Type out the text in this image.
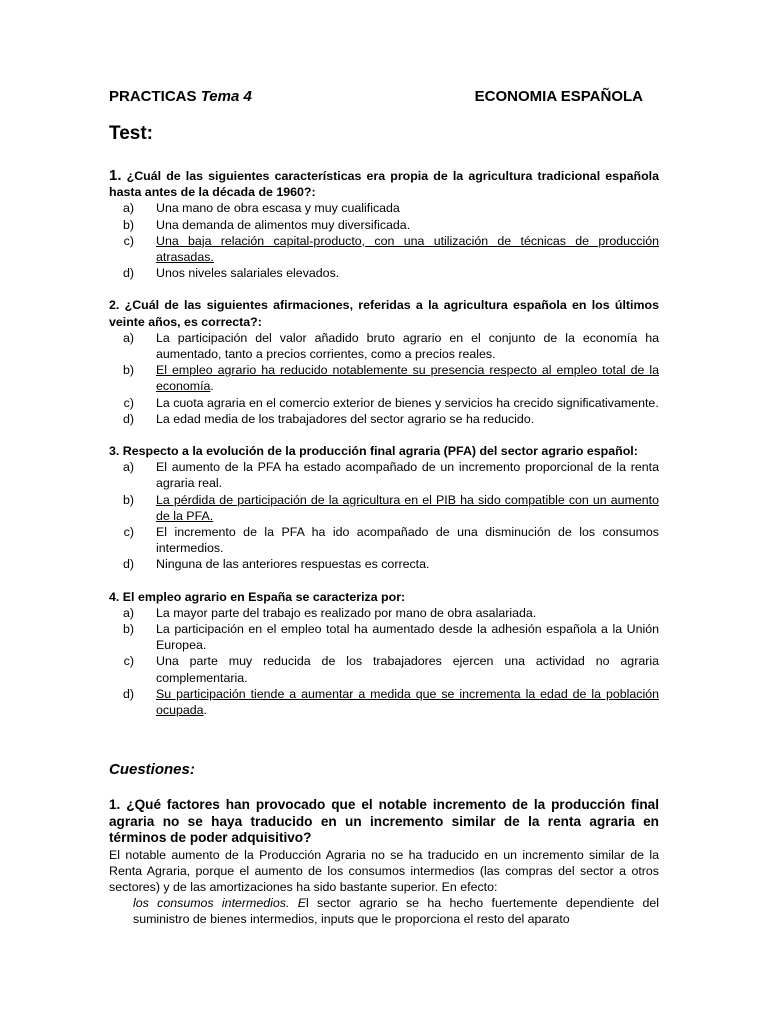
PRACTICAS Tema 4	ECONOMIA ESPAÑOLA
Test:
1. ¿Cuál de las siguientes características era propia de la agricultura tradicional española hasta antes de la década de 1960?:
a)	Una mano de obra escasa y muy cualificada
b)	Una demanda de alimentos muy diversificada.
c)	Una baja relación capital-producto, con una utilización de técnicas de producción atrasadas.
d)	Unos niveles salariales elevados.
2. ¿Cuál de las siguientes afirmaciones, referidas a la agricultura española en los últimos veinte años, es correcta?:
a)	La participación del valor añadido bruto agrario en el conjunto de la economía ha aumentado, tanto a precios corrientes, como a precios reales.
b)	El empleo agrario ha reducido notablemente su presencia respecto al empleo total de la economía.
c)	La cuota agraria en el comercio exterior de bienes y servicios ha crecido significativamente.
d)	La edad media de los trabajadores del sector agrario se ha reducido.
3. Respecto a la evolución de la producción final agraria (PFA) del sector agrario español:
a)	El aumento de la PFA ha estado acompañado de un incremento proporcional de la renta agraria real.
b)	La pérdida de participación de la agricultura en el PIB ha sido compatible con un aumento de la PFA.
c)	El incremento de la PFA ha ido acompañado de una disminución de los consumos intermedios.
d)	Ninguna de las anteriores respuestas es correcta.
4. El empleo agrario en España se caracteriza por:
a)	La mayor parte del trabajo es realizado por mano de obra asalariada.
b)	La participación en el empleo total ha aumentado desde la adhesión española a la Unión Europea.
c)	Una parte muy reducida de los trabajadores ejercen una actividad no agraria complementaria.
d)	Su participación tiende a aumentar a medida que se incrementa la edad de la población ocupada.
Cuestiones:
1. ¿Qué factores han provocado que el notable incremento de la producción final agraria no se haya traducido en un incremento similar de la renta agraria en términos de poder adquisitivo?
El notable aumento de la Producción Agraria no se ha traducido en un incremento similar de la Renta Agraria, porque el aumento de los consumos intermedios (las compras del sector a otros sectores) y de las amortizaciones ha sido bastante superior. En efecto:
los consumos intermedios. El sector agrario se ha hecho fuertemente dependiente del suministro de bienes intermedios, inputs que le proporciona el resto del aparato
